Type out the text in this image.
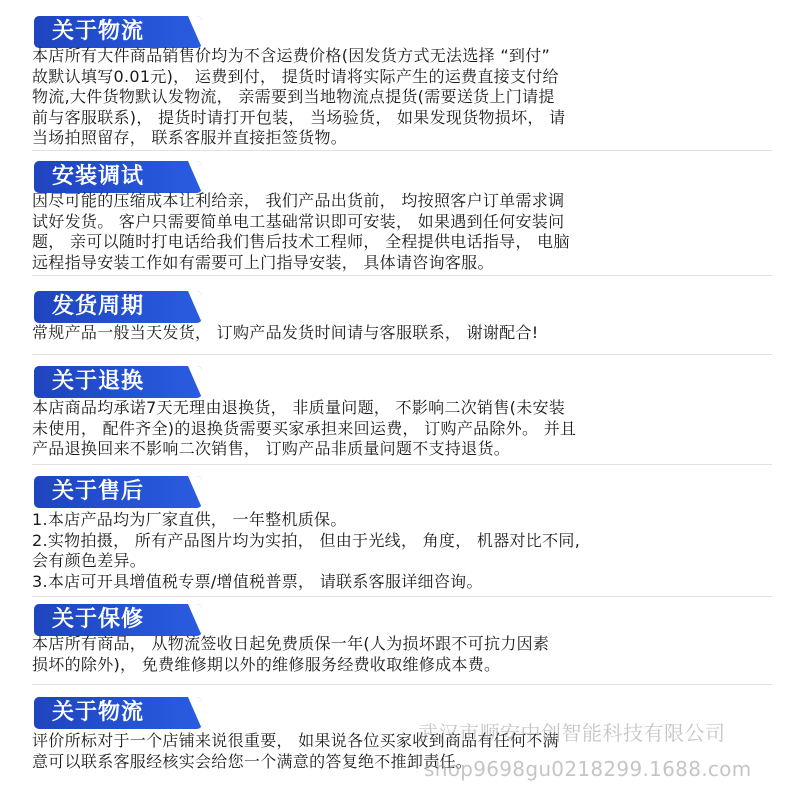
关于物流
本店所有大件商品销售价均为不含运费价格(因发货方式无法选择 “到付”
故默认填写0.01元)， 运费到付， 提货时请将实际产生的运费直接支付给
物流,大件货物默认发物流， 亲需要到当地物流点提货(需要送货上门请提
前与客服联系)， 提货时请打开包装， 当场验货， 如果发现货物损坏， 请
当场拍照留存， 联系客服并直接拒签货物。
安装调试
因尽可能的压缩成本让利给亲， 我们产品出货前， 均按照客户订单需求调
试好发货。 客户只需要简单电工基础常识即可安装， 如果遇到任何安装问
题， 亲可以随时打电话给我们售后技术工程师， 全程提供电话指导， 电脑
远程指导安装工作如有需要可上门指导安装， 具体请咨询客服。
发货周期
常规产品一般当天发货， 订购产品发货时间请与客服联系， 谢谢配合!
关于退换
本店商品均承诺7天无理由退换货， 非质量问题， 不影响二次销售(未安装
未使用， 配件齐全)的退换货需要买家承担来回运费， 订购产品除外。 并且
产品退换回来不影响二次销售， 订购产品非质量问题不支持退货。
关于售后
1.本店产品均为厂家直供， 一年整机质保。
2.实物拍摄， 所有产品图片均为实拍， 但由于光线， 角度， 机器对比不同,
会有颜色差异。
3.本店可开具增值税专票/增值税普票， 请联系客服详细咨询。
关于保修
本店所有商品， 从物流签收日起免费质保一年(人为损坏跟不可抗力因素
损坏的除外)， 免费维修期以外的维修服务经费收取维修成本费。
关于物流
评价所标对于一个店铺来说很重要， 如果说各位买家收到商品有任何不满
意可以联系客服经核实会给您一个满意的答复绝不推卸责任。
武汉市顺安中创智能科技有限公司
shop9698gu0218299.1688.com
